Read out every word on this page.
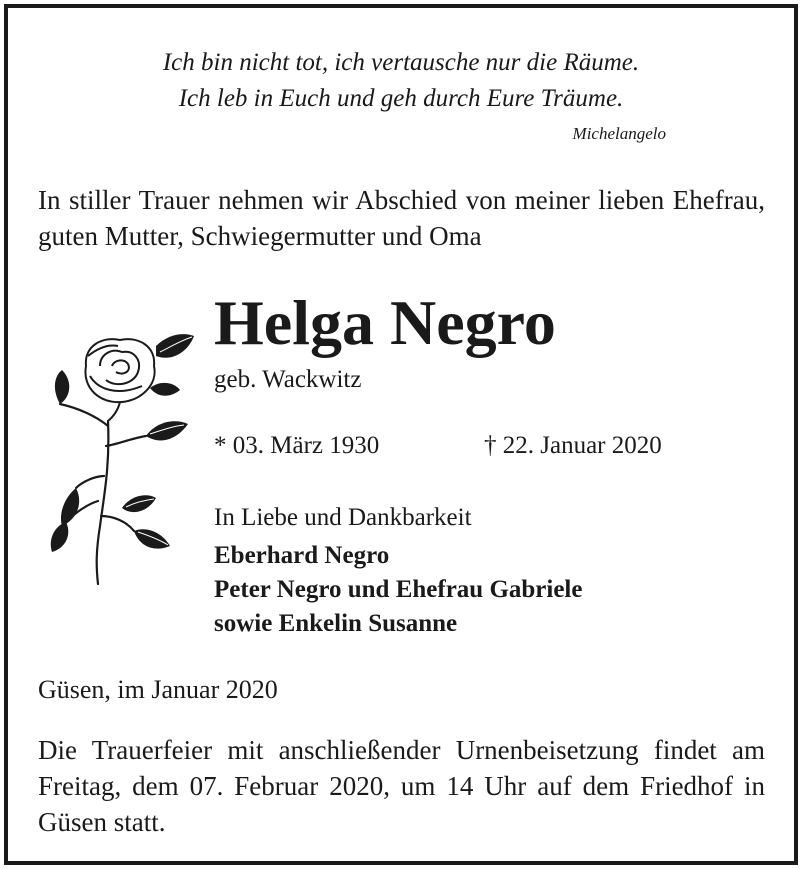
Ich bin nicht tot, ich vertausche nur die Räume.
Ich leb in Euch und geh durch Eure Träume.
Michelangelo
In stiller Trauer nehmen wir Abschied von meiner lieben Ehefrau, guten Mutter, Schwiegermutter und Oma
Helga Negro
geb. Wackwitz
* 03. März 1930	† 22. Januar 2020
In Liebe und Dankbarkeit
Eberhard Negro
Peter Negro und Ehefrau Gabriele
sowie Enkelin Susanne
Güsen, im Januar 2020
Die Trauerfeier mit anschließender Urnenbeisetzung findet am Freitag, dem 07. Februar 2020, um 14 Uhr auf dem Friedhof in Güsen statt.
